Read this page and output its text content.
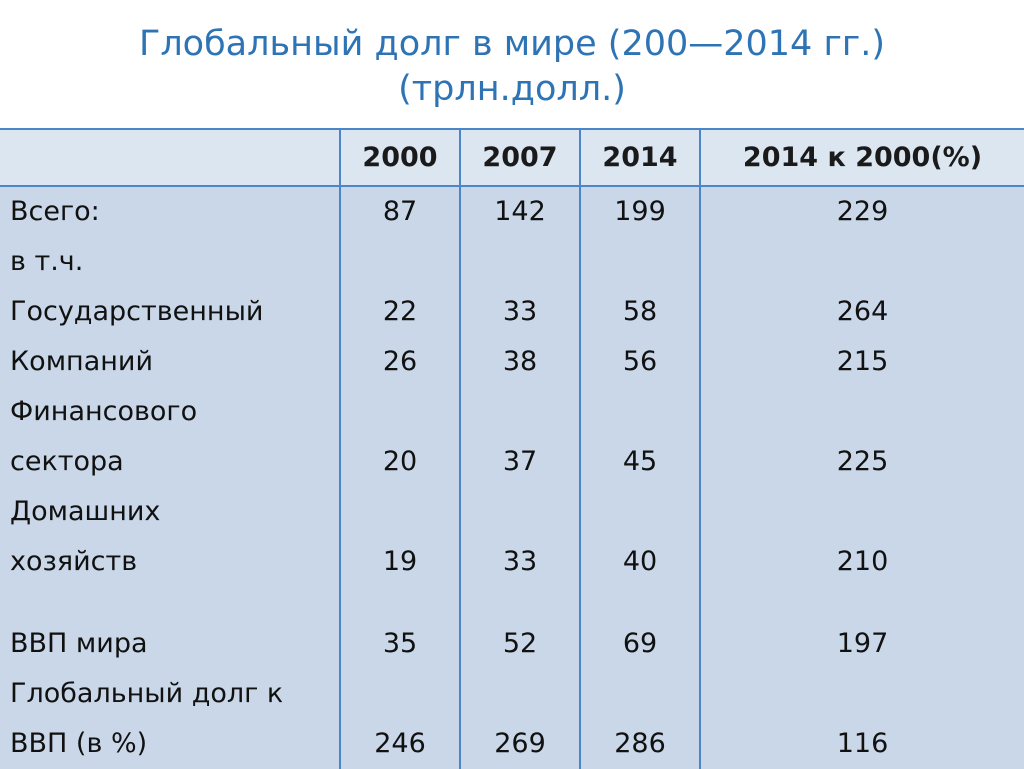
Глобальный долг в мире (200—2014 гг.)
(трлн.долл.)
	2000	2007	2014	2014 к 2000(%)
Всего:	87	142	199	229
в т.ч.				
Государственный	22	33	58	264
Компаний	26	38	56	215
Финансового				
сектора	20	37	45	225
Домашних				
хозяйств	19	33	40	210

ВВП мира	35	52	69	197
Глобальный долг к				
ВВП (в %)	246	269	286	116
